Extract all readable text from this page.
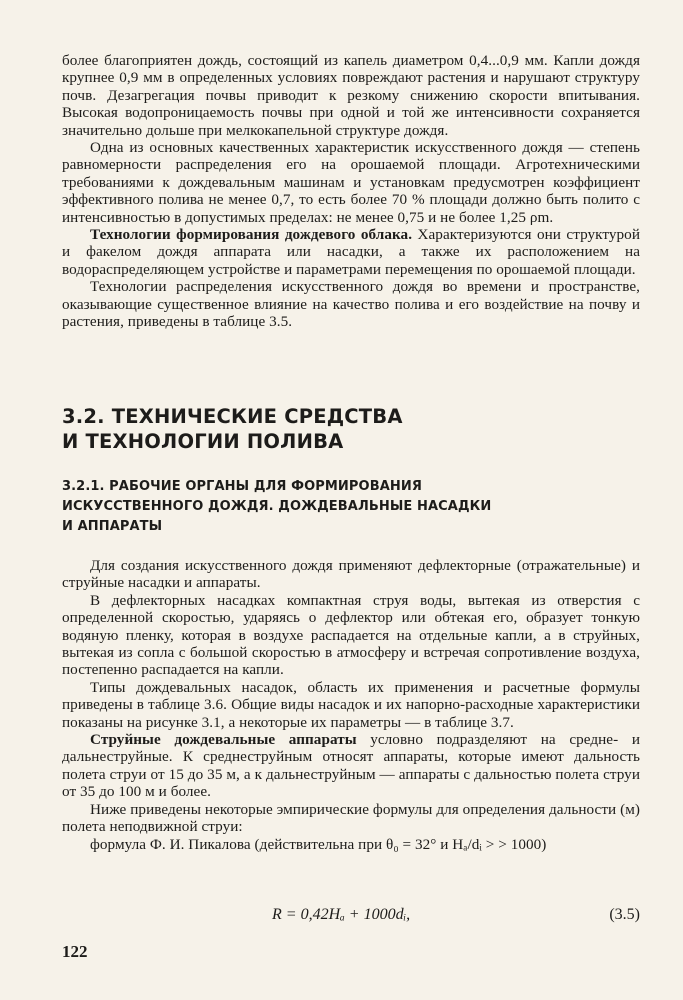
более благоприятен дождь, состоящий из капель диаметром 0,4...0,9 мм. Капли дождя крупнее 0,9 мм в определенных условиях повреждают растения и нарушают структуру почв. Дезагрегация почвы приводит к резкому снижению скорости впитывания. Высокая водопроницаемость почвы при одной и той же интенсивности сохраняется значительно дольше при мелкокапельной структуре дождя.

Одна из основных качественных характеристик искусственного дождя — степень равномерности распределения его на орошаемой площади. Агротехническими требованиями к дождевальным машинам и установкам предусмотрен коэффициент эффективного полива не менее 0,7, то есть более 70 % площади должно быть полито с интенсивностью в допустимых пределах: не менее 0,75 и не более 1,25 ρm.

Технологии формирования дождевого облака. Характеризуются они структурой и факелом дождя аппарата или насадки, а также их расположением на водораспределяющем устройстве и параметрами перемещения по орошаемой площади.

Технологии распределения искусственного дождя во времени и пространстве, оказывающие существенное влияние на качество полива и его воздействие на почву и растения, приведены в таблице 3.5.

3.2. ТЕХНИЧЕСКИЕ СРЕДСТВА
И ТЕХНОЛОГИИ ПОЛИВА
3.2.1. РАБОЧИЕ ОРГАНЫ ДЛЯ ФОРМИРОВАНИЯ
ИСКУССТВЕННОГО ДОЖДЯ. ДОЖДЕВАЛЬНЫЕ НАСАДКИ
И АППАРАТЫ

Для создания искусственного дождя применяют дефлекторные (отражательные) и струйные насадки и аппараты.

В дефлекторных насадках компактная струя воды, вытекая из отверстия с определенной скоростью, ударяясь о дефлектор или обтекая его, образует тонкую водяную пленку, которая в воздухе распадается на отдельные капли, а в струйных, вытекая из сопла с большой скоростью в атмосферу и встречая сопротивление воздуха, постепенно распадается на капли.

Типы дождевальных насадок, область их применения и расчетные формулы приведены в таблице 3.6. Общие виды насадок и их напорно-расходные характеристики показаны на рисунке 3.1, а некоторые их параметры — в таблице 3.7.

Струйные дождевальные аппараты условно подразделяют на средне- и дальнеструйные. К среднеструйным относят аппараты, которые имеют дальность полета струи от 15 до 35 м, а к дальнеструйным — аппараты с дальностью полета струи от 35 до 100 м и более.

Ниже приведены некоторые эмпирические формулы для определения дальности (м) полета неподвижной струи:

формула Ф. И. Пикалова (действительна при θ₀ = 32° и Hₐ/dᵢ > > 1000)

R = 0,42Hₐ + 1000dᵢ,	(3.5)
122
